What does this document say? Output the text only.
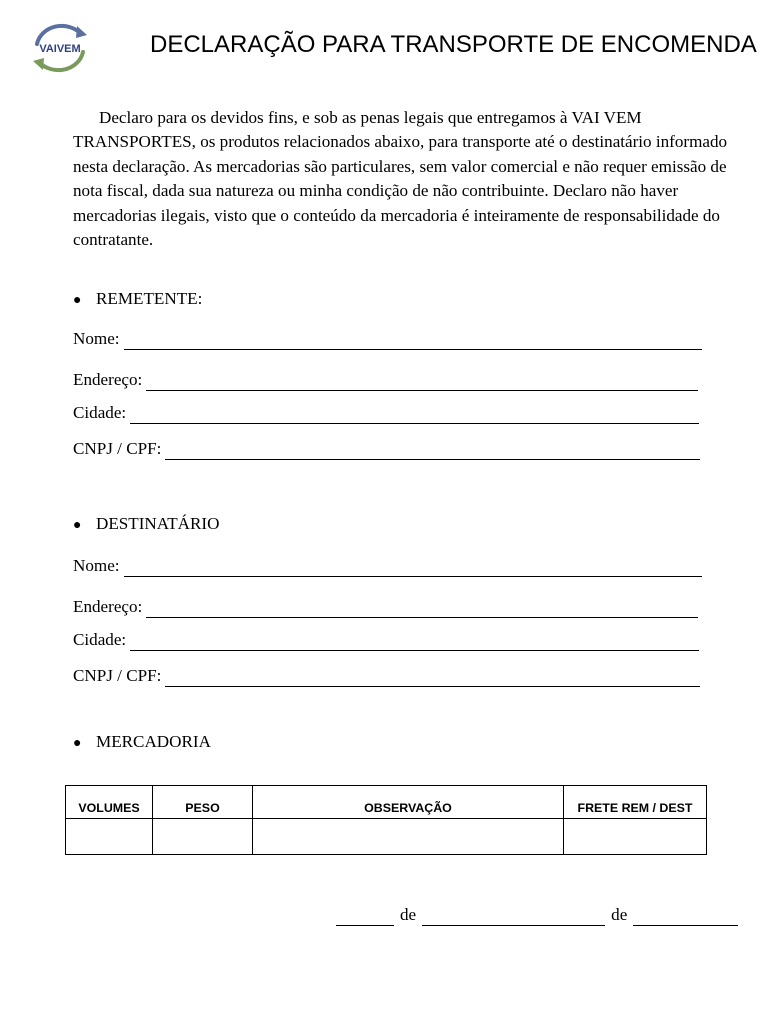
VAIVEM	DECLARAÇÃO PARA TRANSPORTE DE ENCOMENDA

Declaro para os devidos fins, e sob as penas legais que entregamos à VAI VEM TRANSPORTES, os produtos relacionados abaixo, para transporte até o destinatário informado nesta declaração. As mercadorias são particulares, sem valor comercial e não requer emissão de nota fiscal, dada sua natureza ou minha condição de não contribuinte. Declaro não haver mercadorias ilegais, visto que o conteúdo da mercadoria é inteiramente de responsabilidade do contratante.

● REMETENTE:
Nome:
Endereço:
Cidade:
CNPJ / CPF:
● DESTINATÁRIO
Nome:
Endereço:
Cidade:
CNPJ / CPF:
● MERCADORIA
VOLUMES	PESO	OBSERVAÇÃO	FRETE REM / DEST

de	de
